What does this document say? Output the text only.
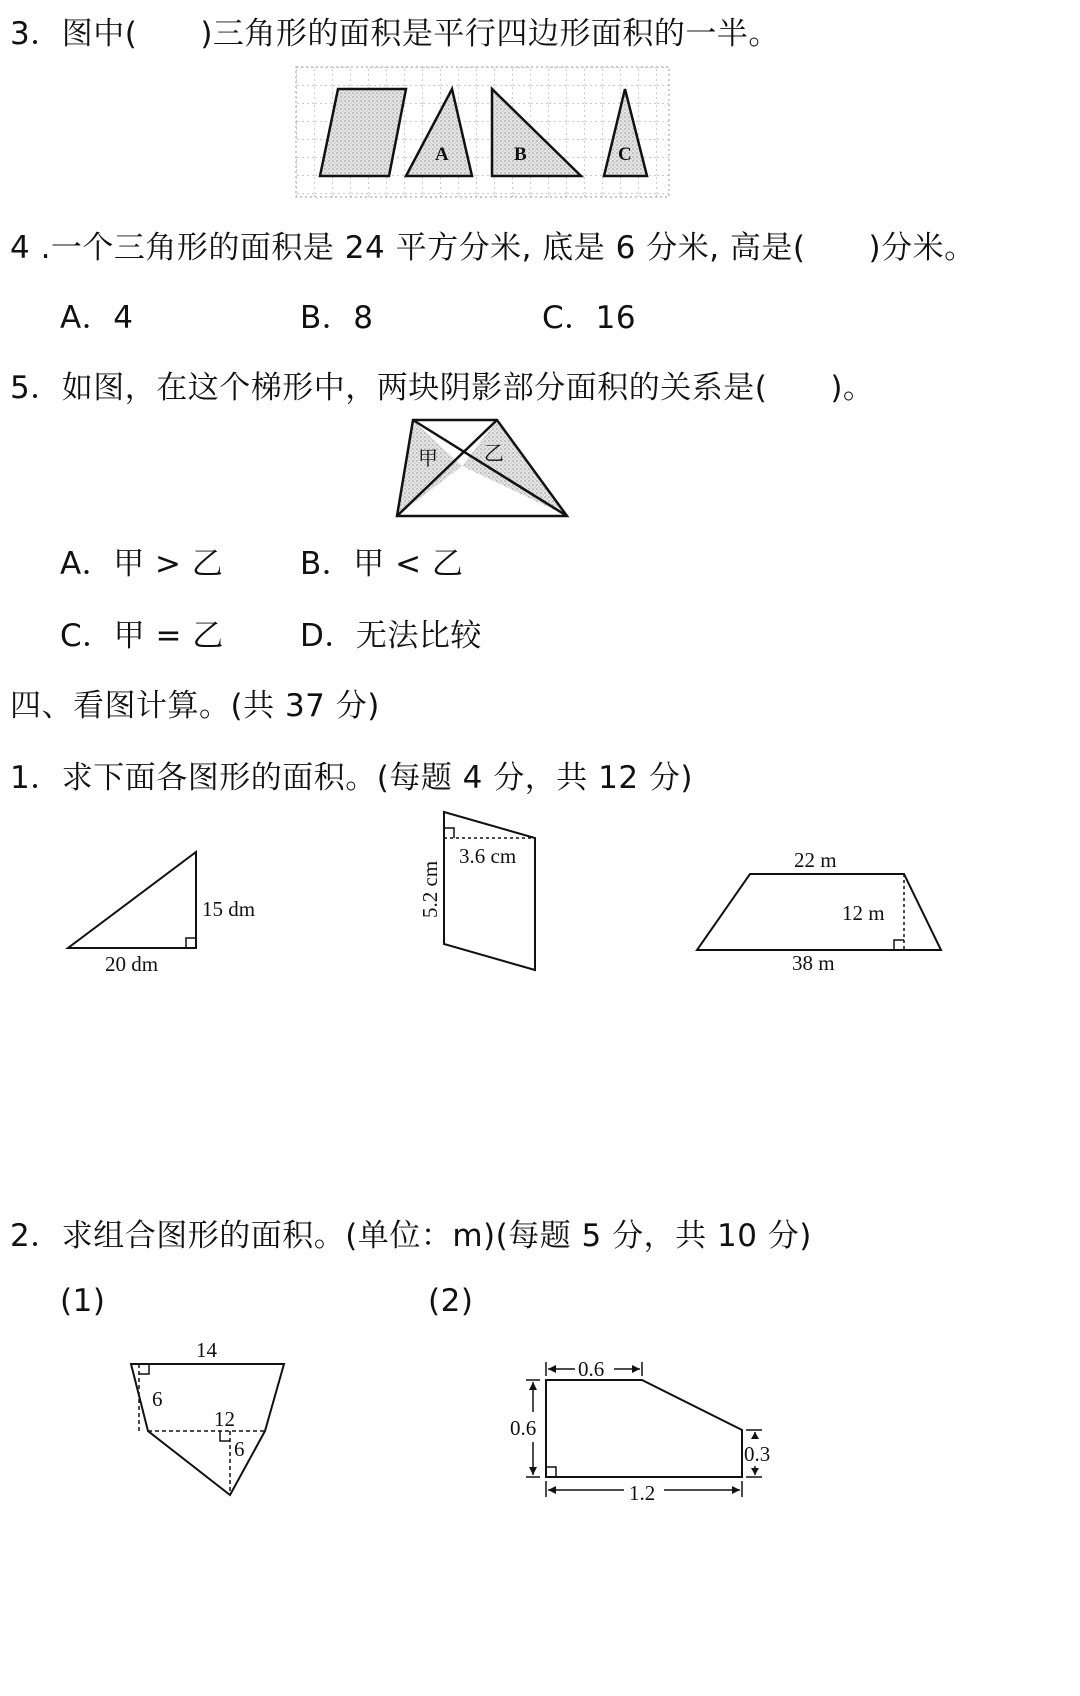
3．图中(　　)三角形的面积是平行四边形面积的一半。
4 .一个三角形的面积是 24 平方分米, 底是 6 分米, 高是(　　)分米。
A．4	B．8	C．16
5．如图，在这个梯形中，两块阴影部分面积的关系是(　　)。
A．甲 > 乙 B．甲 < 乙
C．甲 = 乙 D．无法比较
四、看图计算。(共 37 分)
1．求下面各图形的面积。(每题 4 分，共 12 分)
2．求组合图形的面积。(单位：m)(每题 5 分，共 10 分)
(1)	(2)
A	B	C
甲 乙
15 dm
20 dm
3.6 cm
5.2 cm
22 m
12 m
38 m
14
6
12
6
0.6
0.6
0.3
1.2
